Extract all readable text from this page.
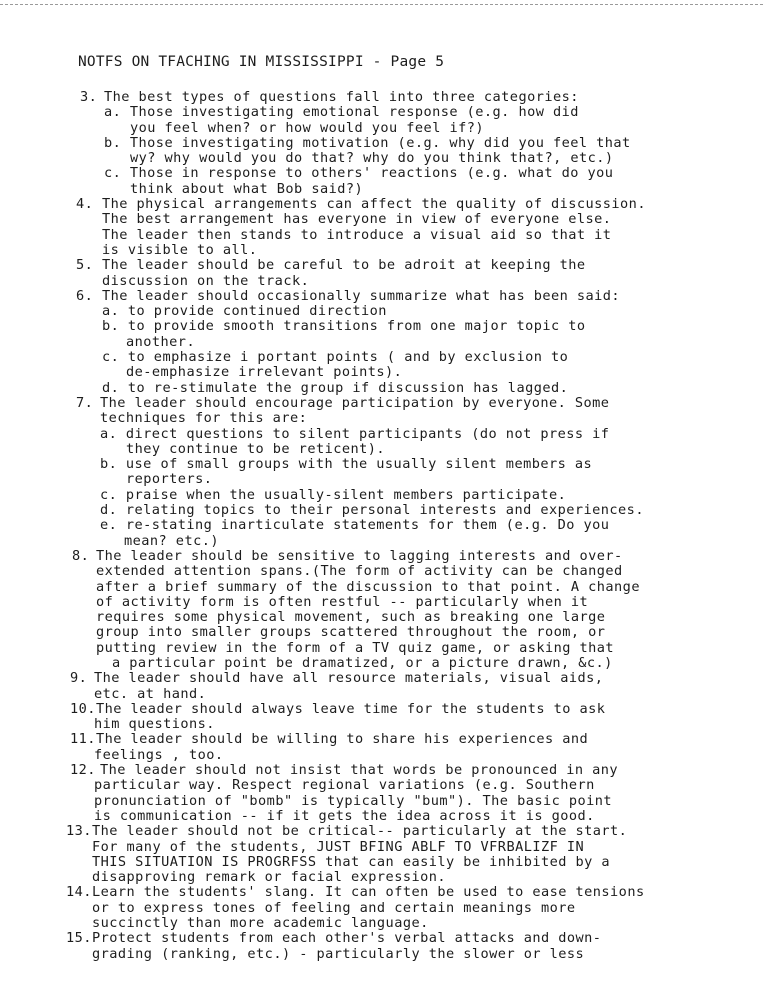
NOTFS ON TFACHING IN MISSISSIPPI - Page 5
3. The best types of questions fall into three categories:
a. Those investigating emotional response (e.g. how did
you feel when? or how would you feel if?)
b. Those investigating motivation (e.g. why did you feel that
wy? why would you do that? why do you think that?, etc.)
c. Those in response to others' reactions (e.g. what do you
think about what Bob said?)
4. The physical arrangements can affect the quality of discussion.
The best arrangement has everyone in view of everyone else.
The leader then stands to introduce a visual aid so that it
is visible to all.
5. The leader should be careful to be adroit at keeping the
discussion on the track.
6. The leader should occasionally summarize what has been said:
a. to provide continued direction
b. to provide smooth transitions from one major topic to
another.
c. to emphasize i portant points ( and by exclusion to
de-emphasize irrelevant points).
d. to re-stimulate the group if discussion has lagged.
7. The leader should encourage participation by everyone. Some
techniques for this are:
a. direct questions to silent participants (do not press if
they continue to be reticent).
b. use of small groups with the usually silent members as
reporters.
c. praise when the usually-silent members participate.
d. relating topics to their personal interests and experiences.
e. re-stating inarticulate statements for them (e.g. Do you
mean? etc.)
8. The leader should be sensitive to lagging interests and over-
extended attention spans.(The form of activity can be changed
after a brief summary of the discussion to that point. A change
of activity form is often restful -- particularly when it
requires some physical movement, such as breaking one large
group into smaller groups scattered throughout the room, or
putting review in the form of a TV quiz game, or asking that
a particular point be dramatized, or a picture drawn, &c.)
9. The leader should have all resource materials, visual aids,
etc. at hand.
10. The leader should always leave time for the students to ask
him questions.
11. The leader should be willing to share his experiences and
feelings , too.
12. The leader should not insist that words be pronounced in any
particular way. Respect regional variations (e.g. Southern
pronunciation of "bomb" is typically "bum"). The basic point
is communication -- if it gets the idea across it is good.
13. The leader should not be critical-- particularly at the start.
For many of the students, JUST BFING ABLF TO VFRBALIZF IN
THIS SITUATION IS PROGRFSS that can easily be inhibited by a
disapproving remark or facial expression.
14. Learn the students' slang. It can often be used to ease tensions
or to express tones of feeling and certain meanings more
succinctly than more academic language.
15. Protect students from each other's verbal attacks and down-
grading (ranking, etc.) - particularly the slower or less
